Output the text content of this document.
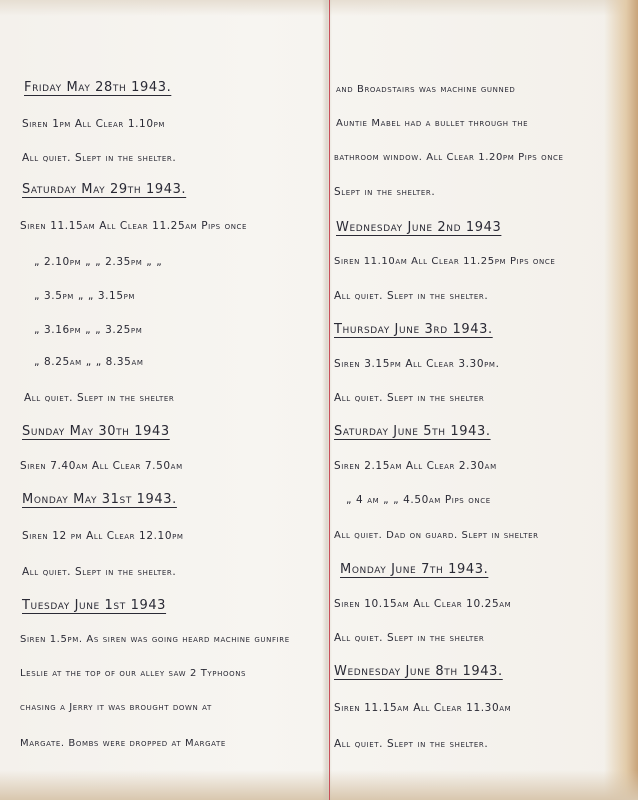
Friday May 28th 1943.
Siren 1pm All Clear 1.10pm
All quiet. Slept in the shelter.
Saturday May 29th 1943.
Siren 11.15am All Clear 11.25am Pips once
„ 2.10pm „ „ 2.35pm „ „
„ 3.5pm „ „ 3.15pm
„ 3.16pm „ „ 3.25pm
„ 8.25am „ „ 8.35am
All quiet. Slept in the shelter
Sunday May 30th 1943
Siren 7.40am All Clear 7.50am
Monday May 31st 1943.
Siren 12 pm All Clear 12.10pm
All quiet. Slept in the shelter.
Tuesday June 1st 1943
Siren 1.5pm. As siren was going heard machine gunfire
Leslie at the top of our alley saw 2 Typhoons
chasing a Jerry it was brought down at
Margate. Bombs were dropped at Margate
and Broadstairs was machine gunned
Auntie Mabel had a bullet through the
bathroom window. All Clear 1.20pm Pips once
Slept in the shelter.
Wednesday June 2nd 1943
Siren 11.10am All Clear 11.25pm Pips once
All quiet. Slept in the shelter.
Thursday June 3rd 1943.
Siren 3.15pm All Clear 3.30pm.
All quiet. Slept in the shelter
Saturday June 5th 1943.
Siren 2.15am All Clear 2.30am
„ 4 am „ „ 4.50am Pips once
All quiet. Dad on guard. Slept in shelter
Monday June 7th 1943.
Siren 10.15am All Clear 10.25am
All quiet. Slept in the shelter
Wednesday June 8th 1943.
Siren 11.15am All Clear 11.30am
All quiet. Slept in the shelter.
